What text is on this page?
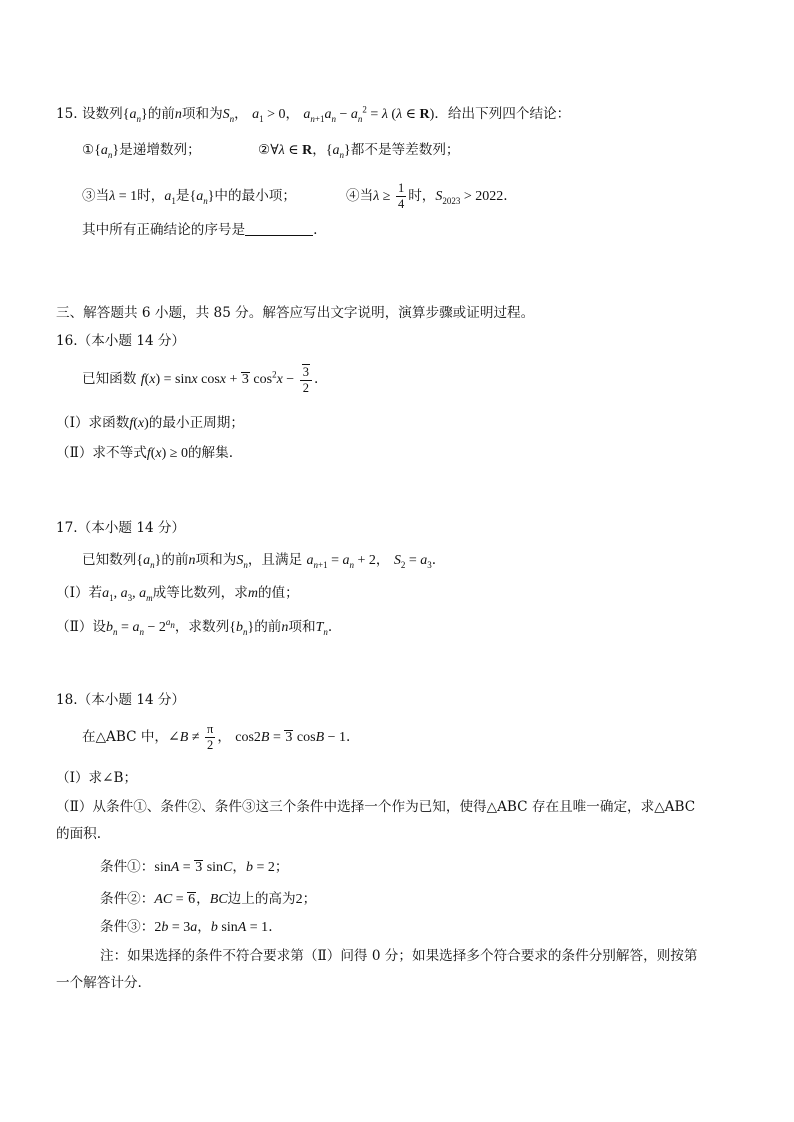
15. 设数列$\{a_n\}$的前n项和为$S_n$， $a_1 > 0$， $a_{n+1}a_n - a_n^2 = \lambda$ (λ ∈ R)．给出下列四个结论：
$①\{a_n\}$是递增数列；	②∀λ ∈ R，$\{a_n\}$都不是等差数列；
③当λ = 1时，$a_1$是$\{a_n\}$中的最小项；	④当$\lambda \ge \frac{1}{4}$ 时，$S_{2023} > 2022$.
其中所有正确结论的序号是	.
三、解答题共 6 小题，共 85 分。解答应写出文字说明，演算步骤或证明过程。
16.（本小题 14 分）
已知函数 f(x) = sinx cosx + 3 $\cos^2x - \frac{3}{2}$ .
（Ⅰ）求函数f(x)的最小正周期；
（Ⅱ）求不等式f(x) ≥ 0的解集.
17.（本小题 14 分）
已知数列$\{a_n\}$的前n项和为$S_n$，且满足 $a_{n+1} = a_n + 2$， $S_2 = a_3$.
（Ⅰ）若$a_1$, $a_3$, $a_m$成等比数列，求m的值；
（Ⅱ）设$b_n = a_n - 2^{a_n}$，求数列$\{b_n\}$的前n项和$T_n$.
18.（本小题 14 分）
在△ABC 中，∠B ≠ $\frac{\pi}{2}$ ， cos2B = 3 cosB − 1.
（Ⅰ）求∠B；
（Ⅱ）从条件①、条件②、条件③这三个条件中选择一个作为已知，使得△ABC 存在且唯一确定，求△ABC
的面积.
条件①：sinA = 3 sinC，b = 2；
条件②：AC = 6，BC边上的高为2；
条件③：2b = 3a，b sinA = 1.
注：如果选择的条件不符合要求第（Ⅱ）问得 0 分；如果选择多个符合要求的条件分别解答，则按第
一个解答计分.
